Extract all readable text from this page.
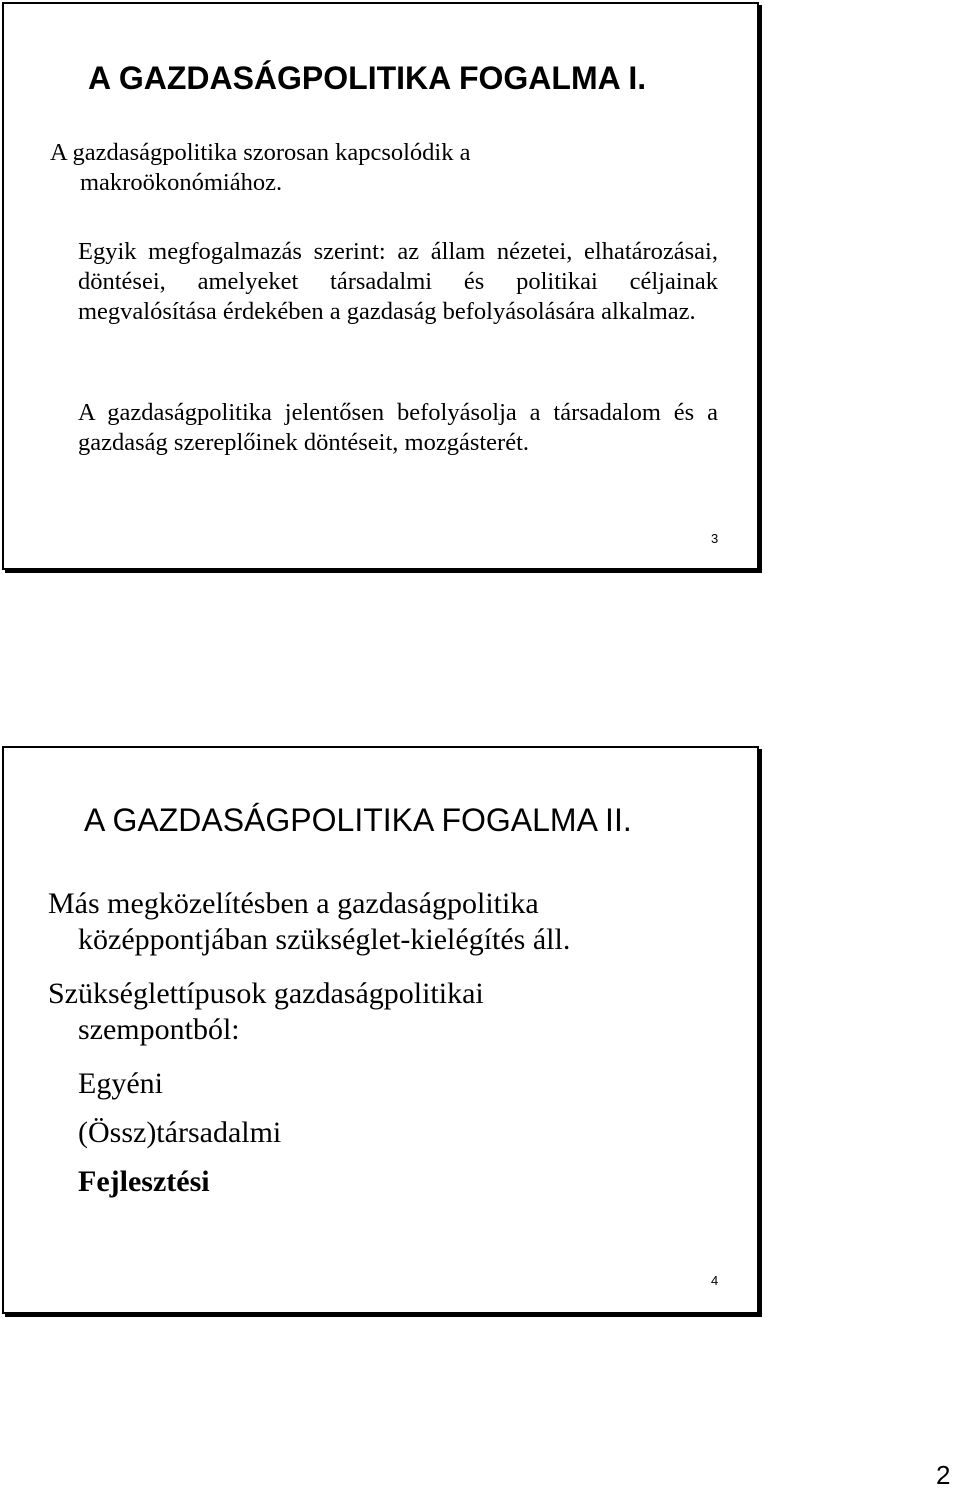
A GAZDASÁGPOLITIKA FOGALMA I.
A gazdaságpolitika szorosan kapcsolódik a
makroökonómiához.
Egyik megfogalmazás szerint: az állam nézetei, elhatározásai, döntései, amelyeket társadalmi és politikai céljainak megvalósítása érdekében a gazdaság befolyásolására alkalmaz.
A gazdaságpolitika jelentősen befolyásolja a társadalom és a gazdaság szereplőinek döntéseit, mozgásterét.
3
A GAZDASÁGPOLITIKA FOGALMA II.
Más megközelítésben a gazdaságpolitika
középpontjában szükséglet-kielégítés áll.
Szükséglettípusok gazdaságpolitikai
szempontból:
Egyéni
(Össz)társadalmi
Fejlesztési
4
2
